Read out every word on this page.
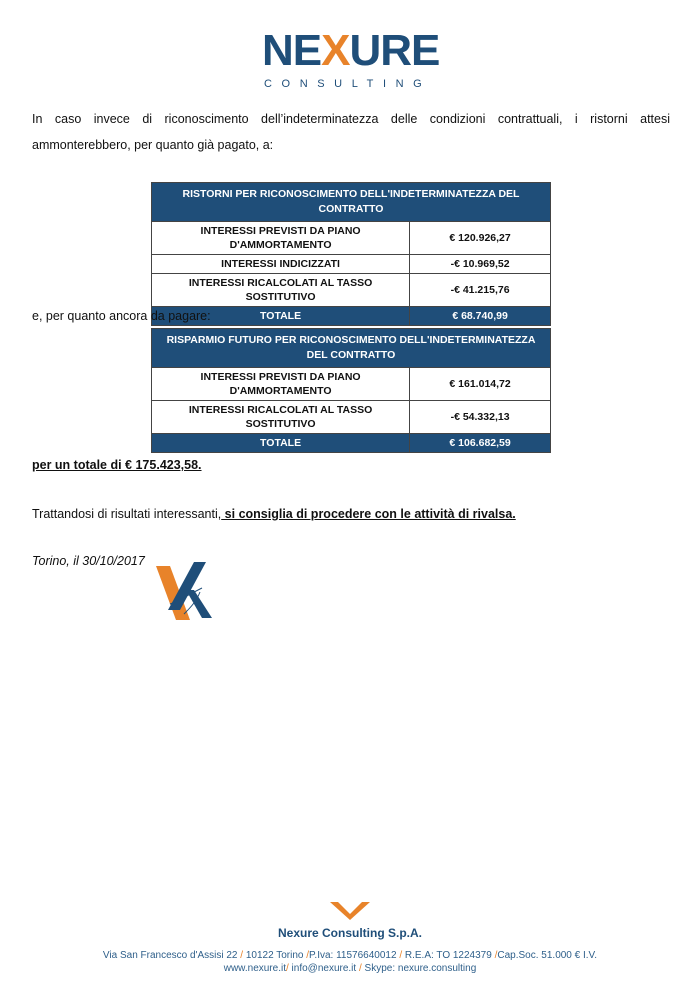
NEXURE
CONSULTING
In caso invece di riconoscimento dell’indeterminatezza delle condizioni contrattuali, i ristorni attesi ammonterebbero, per quanto già pagato, a:
RISTORNI PER RICONOSCIMENTO DELL'INDETERMINATEZZA DEL CONTRATTO	
INTERESSI PREVISTI DA PIANO D'AMMORTAMENTO	€ 120.926,27
INTERESSI INDICIZZATI	-€ 10.969,52
INTERESSI RICALCOLATI AL TASSO SOSTITUTIVO	-€ 41.215,76
TOTALE	€ 68.740,99
e, per quanto ancora da pagare:
RISPARMIO FUTURO PER RICONOSCIMENTO DELL'INDETERMINATEZZA DEL CONTRATTO	
INTERESSI PREVISTI DA PIANO D'AMMORTAMENTO	€ 161.014,72
INTERESSI RICALCOLATI AL TASSO SOSTITUTIVO	-€ 54.332,13
TOTALE	€ 106.682,59
per un totale di € 175.423,58.
Trattandosi di risultati interessanti, si consiglia di procedere con le attività di rivalsa.
Torino, il 30/10/2017
Nexure Consulting S.p.A.
Via San Francesco d'Assisi 22 / 10122 Torino /P.Iva: 11576640012 / R.E.A: TO 1224379 /Cap.Soc. 51.000 € I.V.
www.nexure.it/ info@nexure.it / Skype: nexure.consulting
